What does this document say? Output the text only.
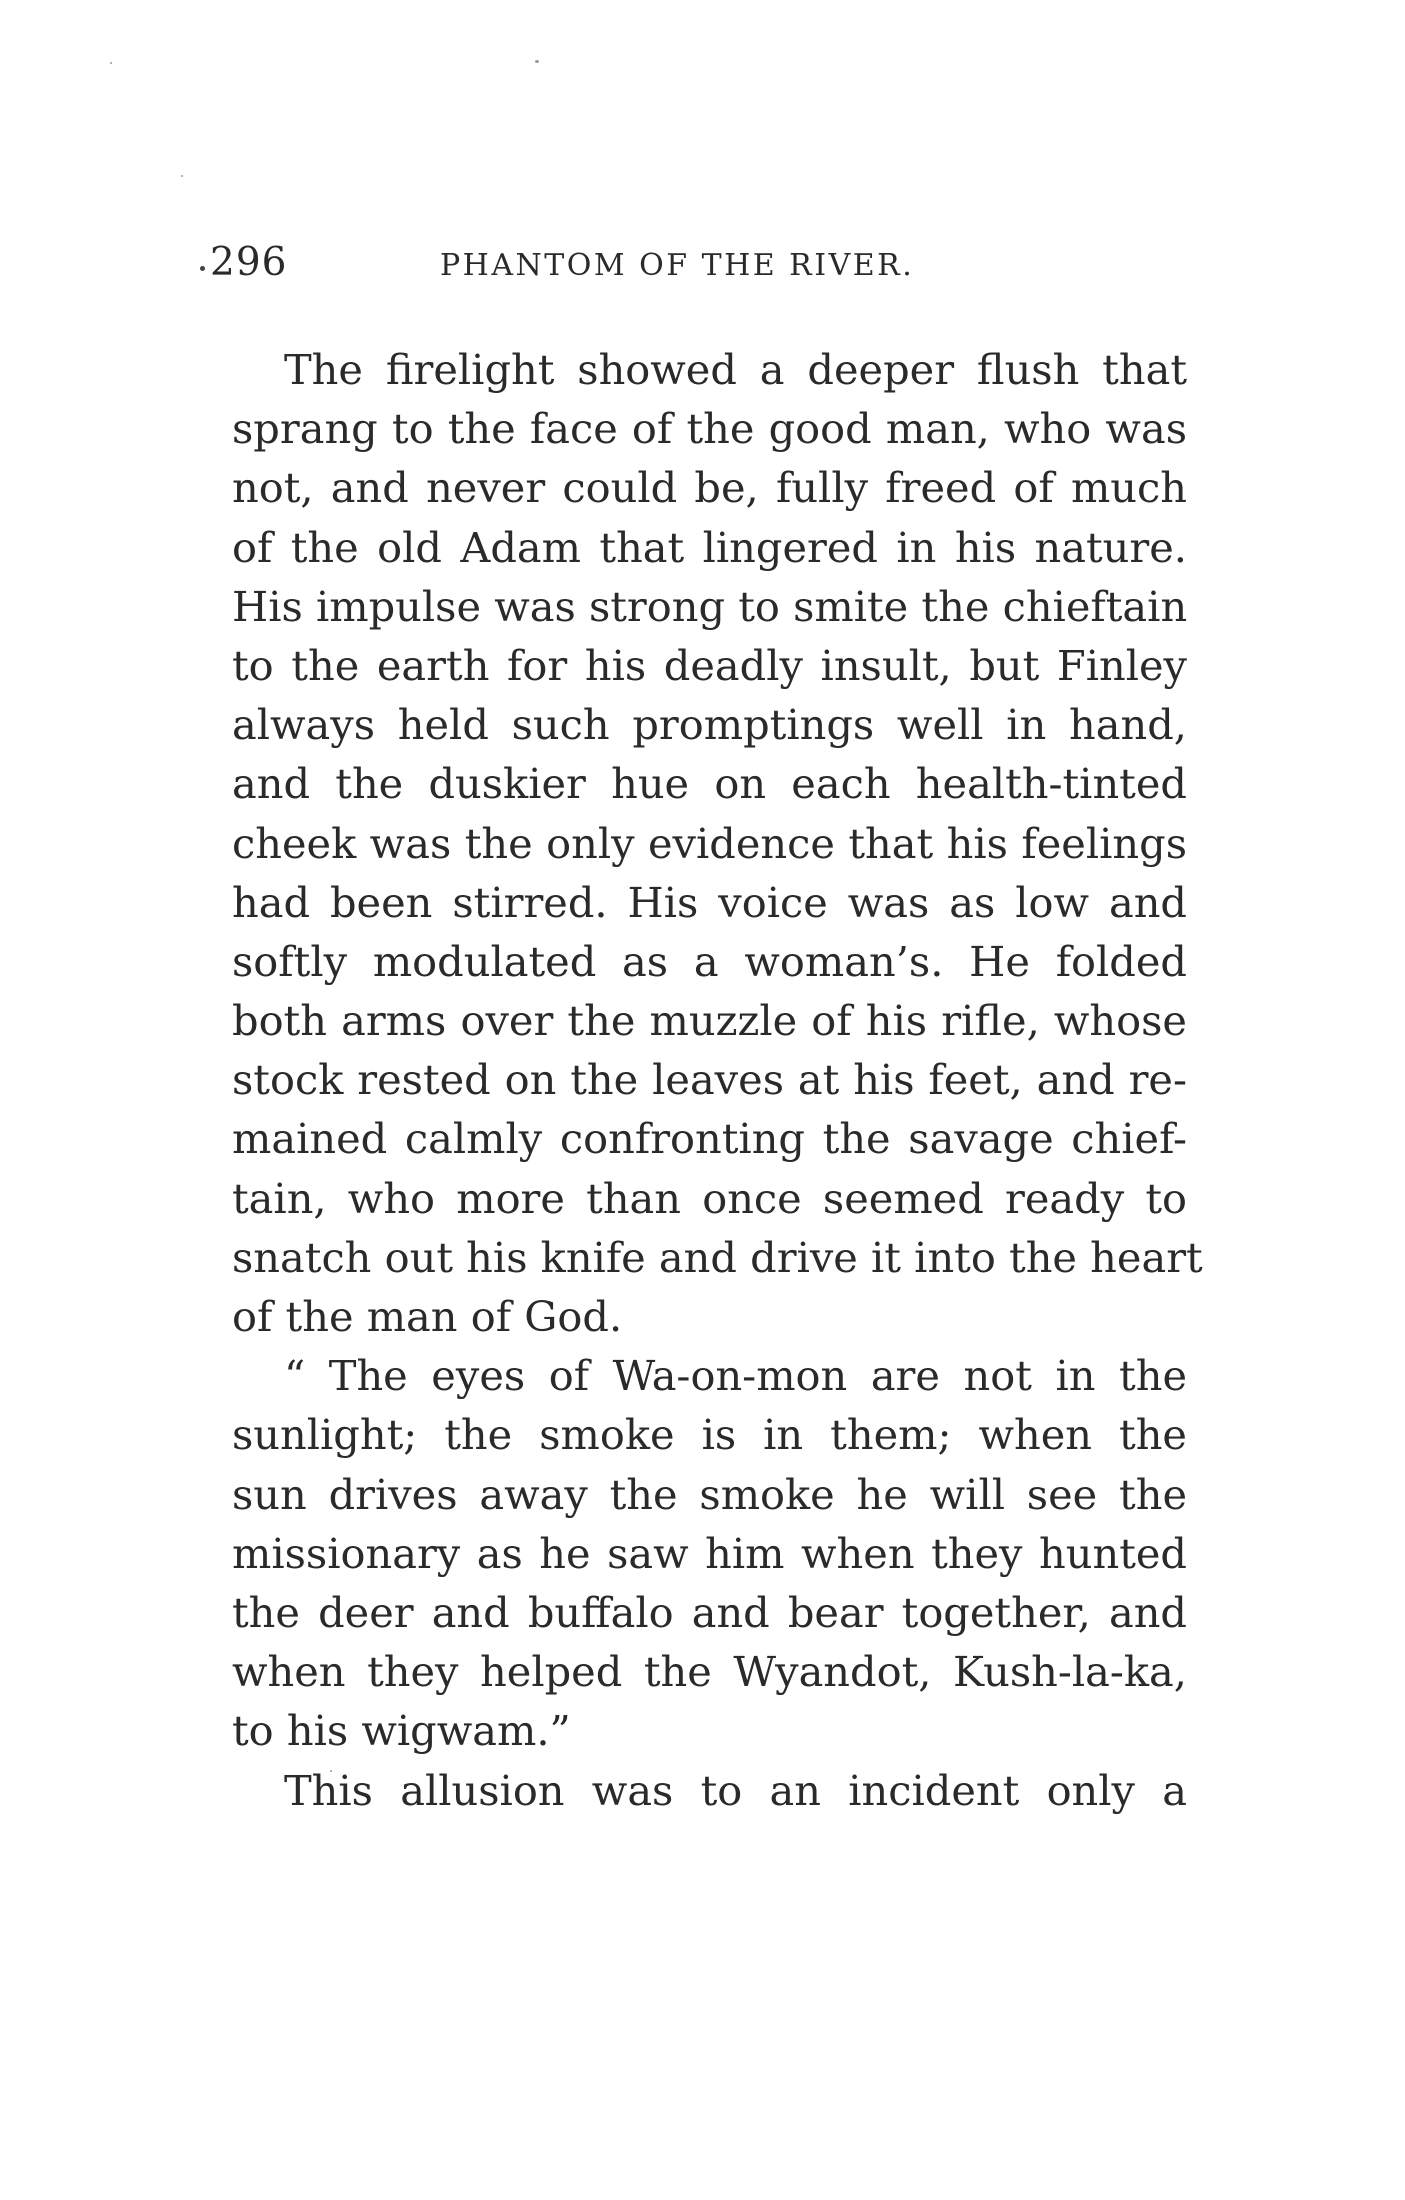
296	PHANTOM OF THE RIVER.
The firelight showed a deeper flush that
sprang to the face of the good man, who was
not, and never could be, fully freed of much
of the old Adam that lingered in his nature.
His impulse was strong to smite the chieftain
to the earth for his deadly insult, but Finley
always held such promptings well in hand,
and the duskier hue on each health-tinted
cheek was the only evidence that his feelings
had been stirred. His voice was as low and
softly modulated as a woman’s. He folded
both arms over the muzzle of his rifle, whose
stock rested on the leaves at his feet, and re-
mained calmly confronting the savage chief-
tain, who more than once seemed ready to
snatch out his knife and drive it into the heart
of the man of God.
“ The eyes of Wa-on-mon are not in the
sunlight; the smoke is in them; when the
sun drives away the smoke he will see the
missionary as he saw him when they hunted
the deer and buffalo and bear together, and
when they helped the Wyandot, Kush-la-ka,
to his wigwam.”
This allusion was to an incident only a
